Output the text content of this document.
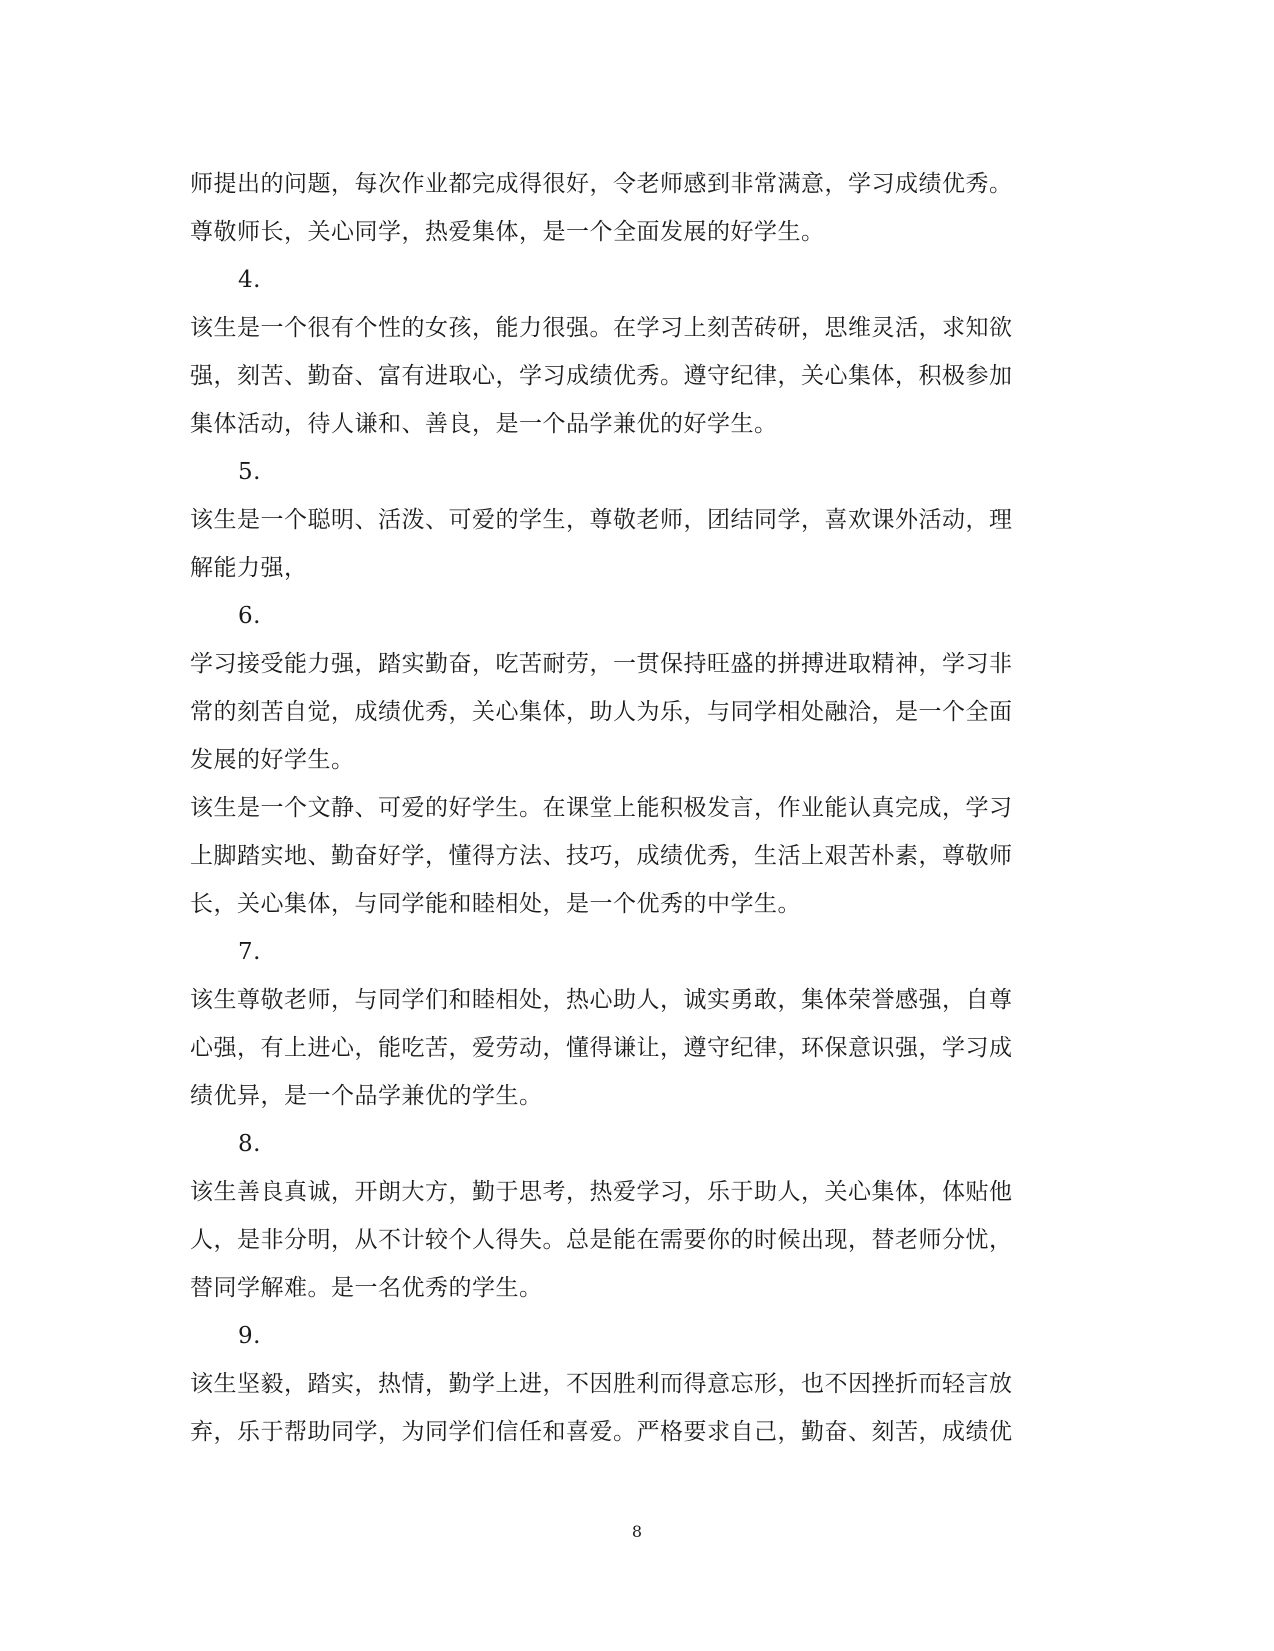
师提出的问题，每次作业都完成得很好，令老师感到非常满意，学习成绩优秀。
尊敬师长，关心同学，热爱集体，是一个全面发展的好学生。
4.
该生是一个很有个性的女孩，能力很强。在学习上刻苦砖研，思维灵活，求知欲
强，刻苦、勤奋、富有进取心，学习成绩优秀。遵守纪律，关心集体，积极参加
集体活动，待人谦和、善良，是一个品学兼优的好学生。
5.
该生是一个聪明、活泼、可爱的学生，尊敬老师，团结同学，喜欢课外活动，理
解能力强，
6.
学习接受能力强，踏实勤奋，吃苦耐劳，一贯保持旺盛的拼搏进取精神，学习非
常的刻苦自觉，成绩优秀，关心集体，助人为乐，与同学相处融洽，是一个全面
发展的好学生。
该生是一个文静、可爱的好学生。在课堂上能积极发言，作业能认真完成，学习
上脚踏实地、勤奋好学，懂得方法、技巧，成绩优秀，生活上艰苦朴素，尊敬师
长，关心集体，与同学能和睦相处，是一个优秀的中学生。
7.
该生尊敬老师，与同学们和睦相处，热心助人，诚实勇敢，集体荣誉感强，自尊
心强，有上进心，能吃苦，爱劳动，懂得谦让，遵守纪律，环保意识强，学习成
绩优异，是一个品学兼优的学生。
8.
该生善良真诚，开朗大方，勤于思考，热爱学习，乐于助人，关心集体，体贴他
人，是非分明，从不计较个人得失。总是能在需要你的时候出现，替老师分忧，
替同学解难。是一名优秀的学生。
9.
该生坚毅，踏实，热情，勤学上进，不因胜利而得意忘形，也不因挫折而轻言放
弃，乐于帮助同学，为同学们信任和喜爱。严格要求自己，勤奋、刻苦，成绩优
8
